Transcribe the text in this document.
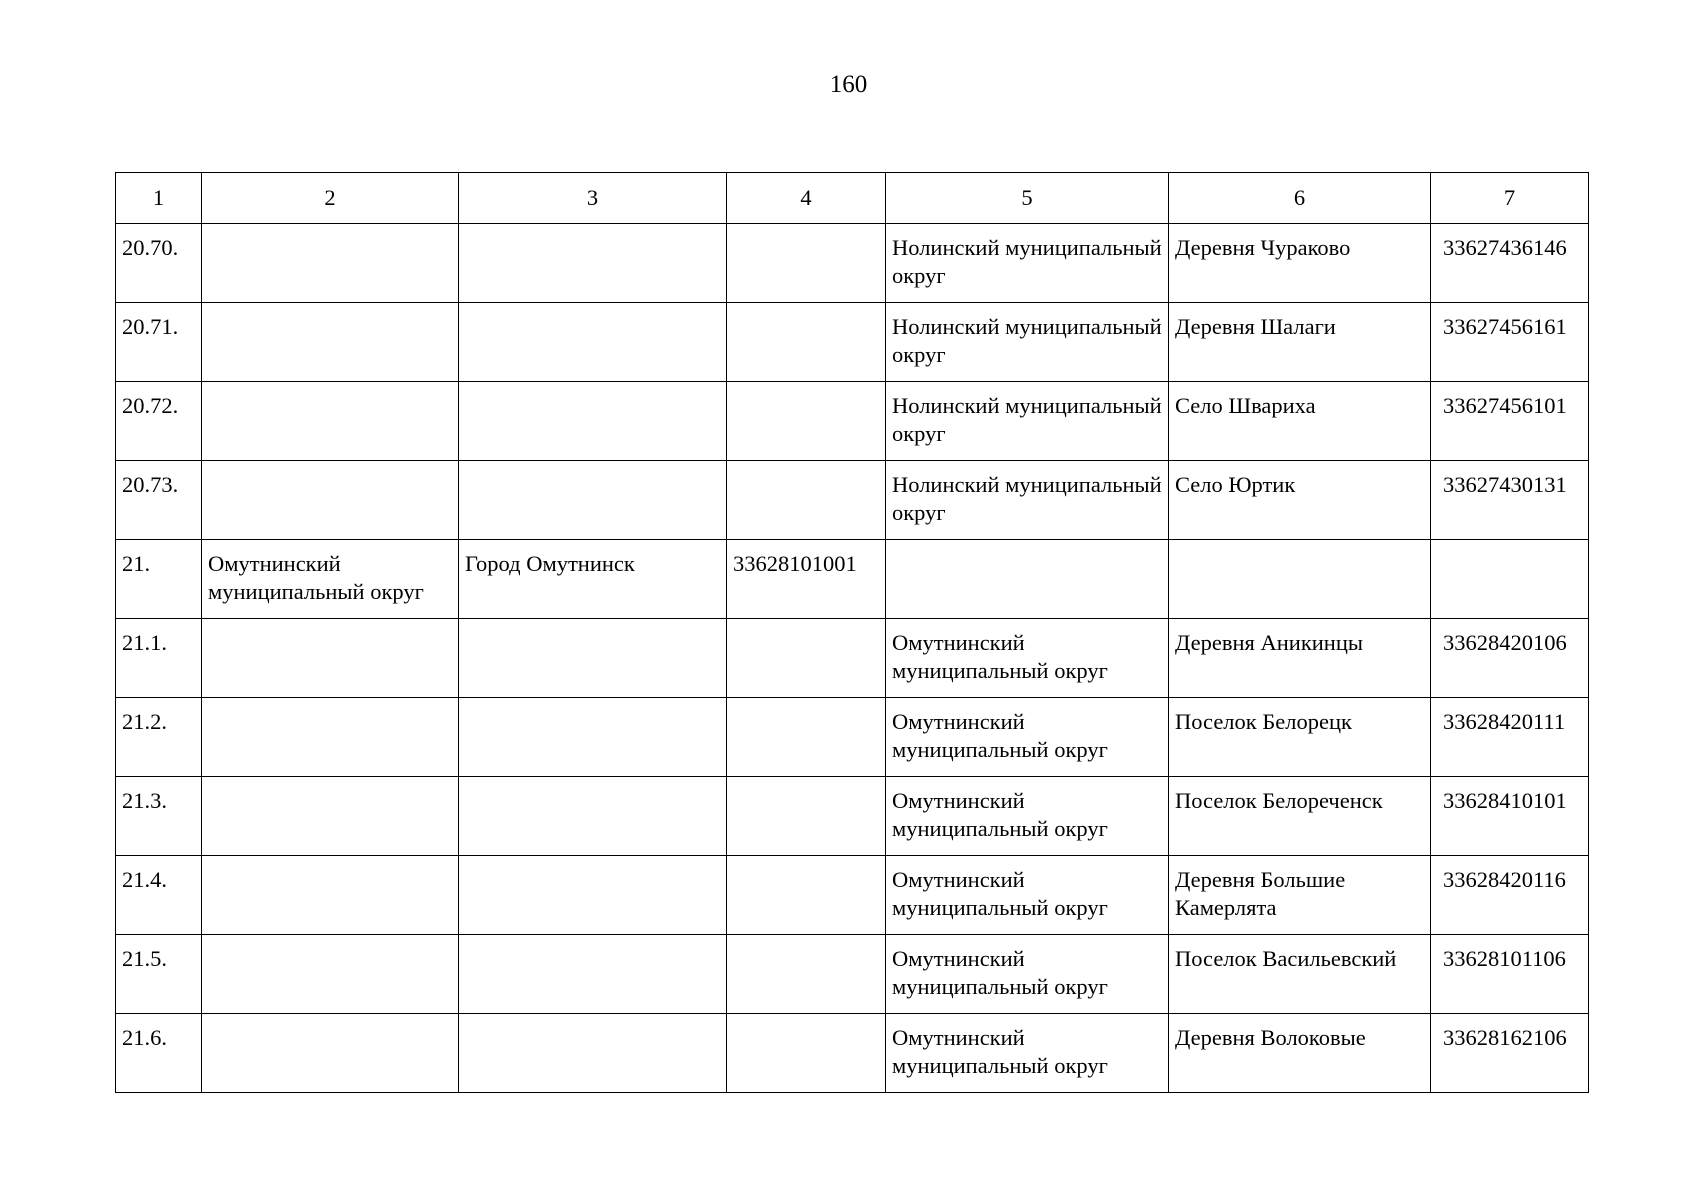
160
1	2	3	4	5	6	7
20.70.				Нолинский муниципальный округ	Деревня Чураково	33627436146
20.71.				Нолинский муниципальный округ	Деревня Шалаги	33627456161
20.72.				Нолинский муниципальный округ	Село Швариха	33627456101
20.73.				Нолинский муниципальный округ	Село Юртик	33627430131
21.	Омутнинский муниципальный округ	Город Омутнинск	33628101001			
21.1.				Омутнинский муниципальный округ	Деревня Аникинцы	33628420106
21.2.				Омутнинский муниципальный округ	Поселок Белорецк	33628420111
21.3.				Омутнинский муниципальный округ	Поселок Белореченск	33628410101
21.4.				Омутнинский муниципальный округ	Деревня Большие Камерлята	33628420116
21.5.				Омутнинский муниципальный округ	Поселок Васильевский	33628101106
21.6.				Омутнинский муниципальный округ	Деревня Волоковые	33628162106
